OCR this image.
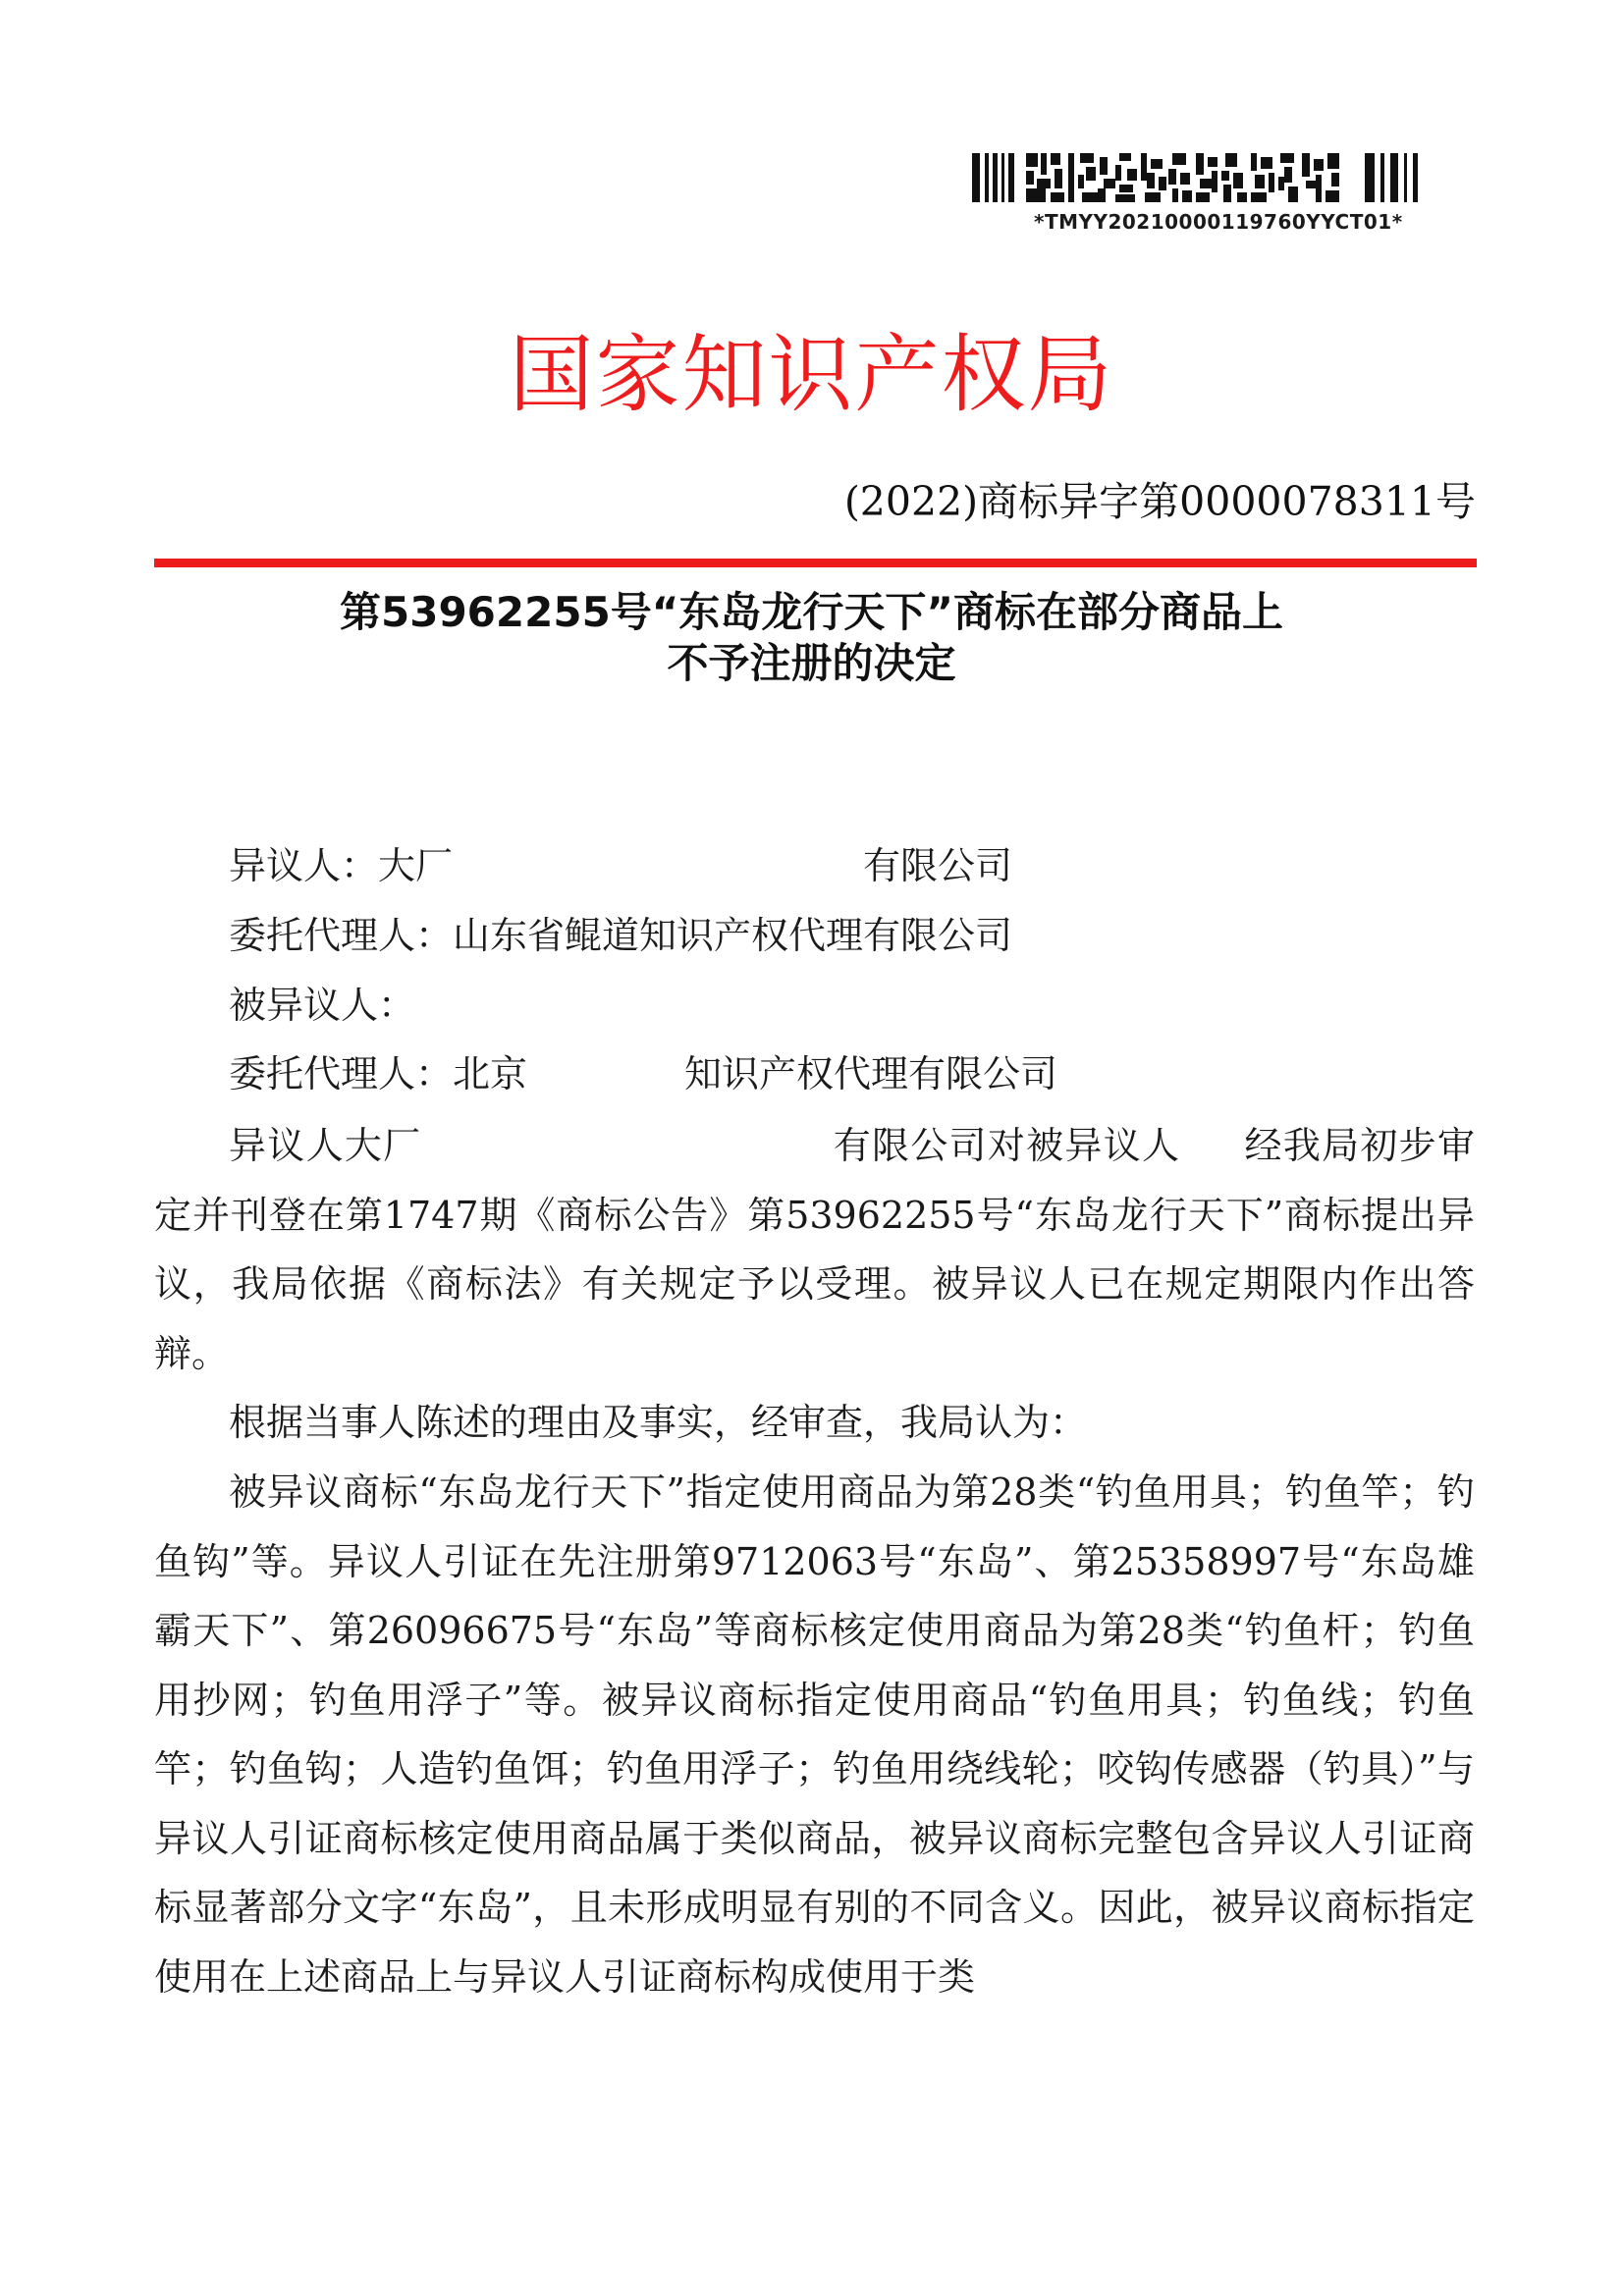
*TMYY20210000119760YYCT01*
国家知识产权局
(2022)商标异字第0000078311号
第53962255号“东岛龙行天下”商标在部分商品上
不予注册的决定
异议人：大厂	有限公司
委托代理人：山东省鲲道知识产权代理有限公司
被异议人：
委托代理人：北京	知识产权代理有限公司
异议人大厂	有限公司对被异议人 经我局初步审定并刊登在第1747期《商标公告》第53962255号“东岛龙行天下”商标提出异议，我局依据《商标法》有关规定予以受理。被异议人已在规定期限内作出答辩。
根据当事人陈述的理由及事实，经审查，我局认为：
被异议商标“东岛龙行天下”指定使用商品为第28类“钓鱼用具；钓鱼竿；钓鱼钩”等。异议人引证在先注册第9712063号“东岛”、第25358997号“东岛雄霸天下”、第26096675号“东岛”等商标核定使用商品为第28类“钓鱼杆；钓鱼用抄网；钓鱼用浮子”等。被异议商标指定使用商品“钓鱼用具；钓鱼线；钓鱼竿；钓鱼钩；人造钓鱼饵；钓鱼用浮子；钓鱼用绕线轮；咬钩传感器（钓具）”与异议人引证商标核定使用商品属于类似商品，被异议商标完整包含异议人引证商标显著部分文字“东岛”，且未形成明显有别的不同含义。因此，被异议商标指定使用在上述商品上与异议人引证商标构成使用于类
